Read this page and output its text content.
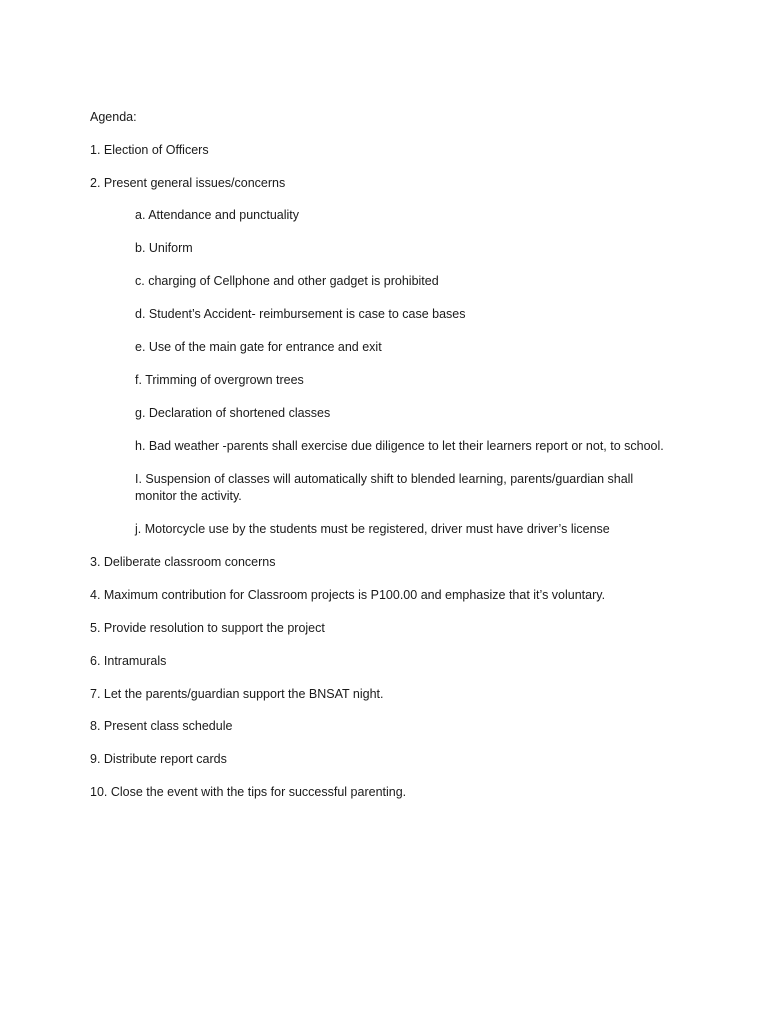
Agenda:
1. Election of Officers
2. Present general issues/concerns
a. Attendance and punctuality
b. Uniform
c. charging of Cellphone and other gadget is prohibited
d. Student’s Accident- reimbursement is case to case bases
e. Use of the main gate for entrance and exit
f. Trimming of overgrown trees
g. Declaration of shortened classes
h. Bad weather -parents shall exercise due diligence to let their learners report or not, to school.
I. Suspension of classes will automatically shift to blended learning, parents/guardian shall monitor the activity.
j. Motorcycle use by the students must be registered, driver must have driver’s license
3. Deliberate classroom concerns
4. Maximum contribution for Classroom projects is P100.00 and emphasize that it’s voluntary.
5. Provide resolution to support the project
6. Intramurals
7. Let the parents/guardian support the BNSAT night.
8. Present class schedule
9. Distribute report cards
10. Close the event with the tips for successful parenting.
